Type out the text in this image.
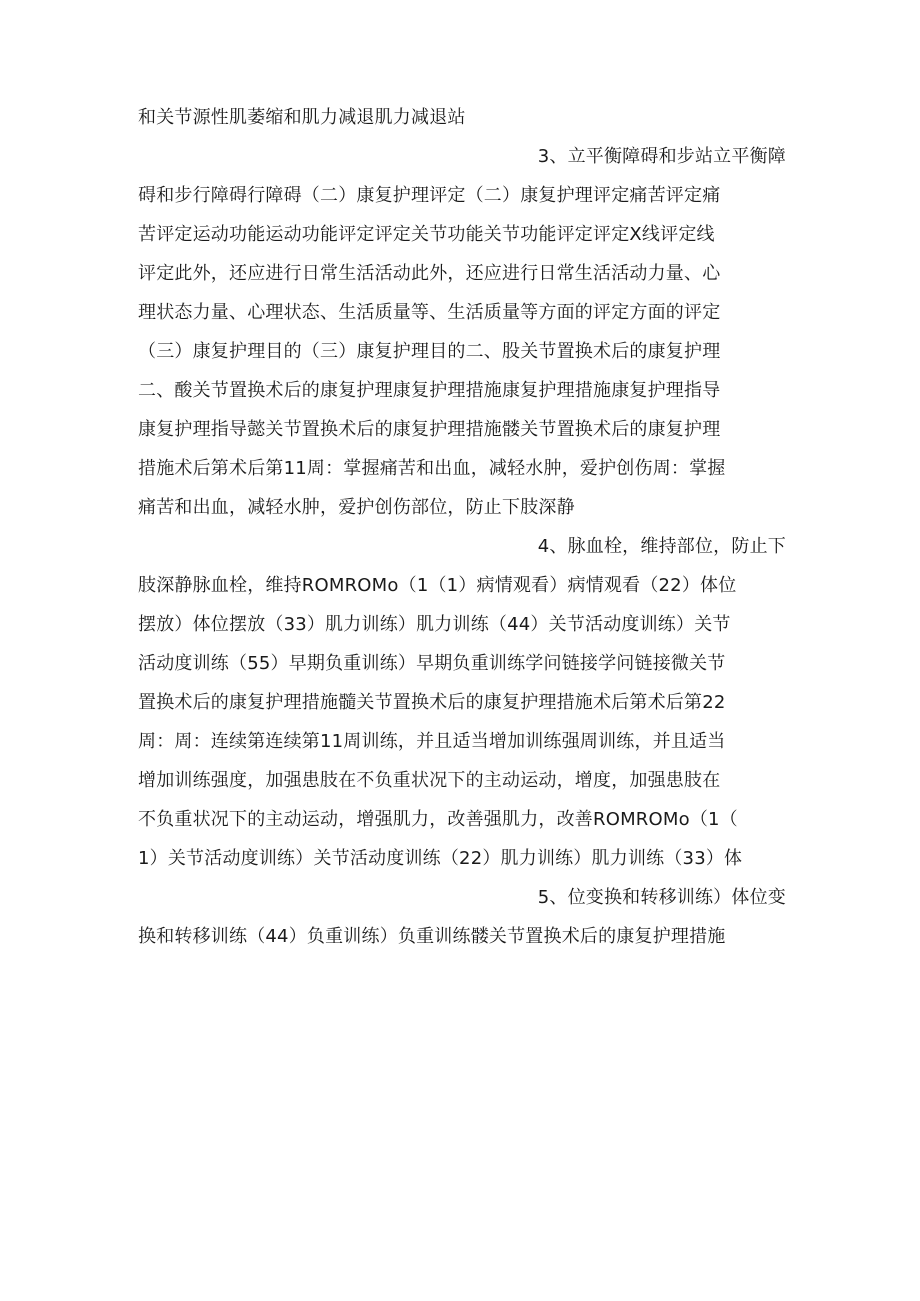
和关节源性肌萎缩和肌力减退肌力减退站
3、立平衡障碍和步站立平衡障
碍和步行障碍行障碍（二）康复护理评定（二）康复护理评定痛苦评定痛
苦评定运动功能运动功能评定评定关节功能关节功能评定评定X线评定线
评定此外，还应进行日常生活活动此外，还应进行日常生活活动力量、心
理状态力量、心理状态、生活质量等、生活质量等方面的评定方面的评定
（三）康复护理目的（三）康复护理目的二、股关节置换术后的康复护理
二、酸关节置换术后的康复护理康复护理措施康复护理措施康复护理指导
康复护理指导懿关节置换术后的康复护理措施髅关节置换术后的康复护理
措施术后第术后第11周：掌握痛苦和出血，减轻水肿，爱护创伤周：掌握
痛苦和出血，减轻水肿，爱护创伤部位，防止下肢深静
4、脉血栓，维持部位，防止下
肢深静脉血栓，维持ROMROMo（1（1）病情观看）病情观看（22）体位
摆放）体位摆放（33）肌力训练）肌力训练（44）关节活动度训练）关节
活动度训练（55）早期负重训练）早期负重训练学问链接学问链接微关节
置换术后的康复护理措施髓关节置换术后的康复护理措施术后第术后第22
周：周：连续第连续第11周训练，并且适当增加训练强周训练，并且适当
增加训练强度，加强患肢在不负重状况下的主动运动，增度，加强患肢在
不负重状况下的主动运动，增强肌力，改善强肌力，改善ROMROMo（1（
1）关节活动度训练）关节活动度训练（22）肌力训练）肌力训练（33）体
5、位变换和转移训练）体位变
换和转移训练（44）负重训练）负重训练髅关节置换术后的康复护理措施
